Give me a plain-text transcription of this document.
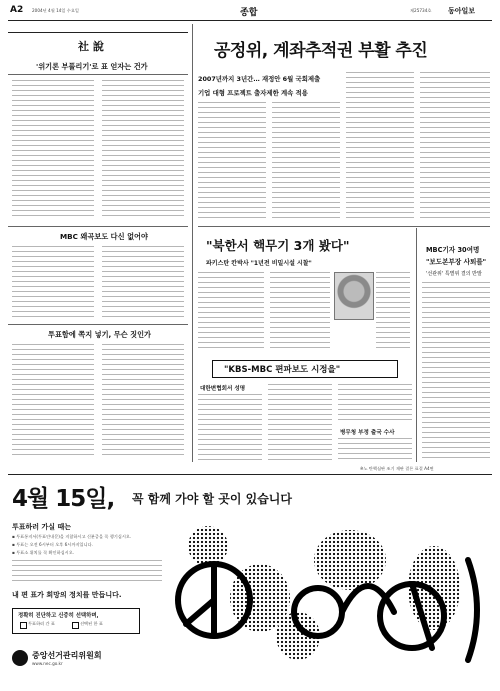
A2 2004년 4월 14일 수요일	종합	제25734호 동아일보
社 說
'위기론 부풀리기'로 표 얻자는 건가
MBC 왜곡보도 다신 없어야
투표함에 쪽지 넣기, 무슨 짓인가
공정위, 계좌추적권 부활 추진
2007년까지 3년간… 재정안 6월 국회제출
기업 대형 프로젝트 출자제한 계속 적용
"북한서 핵무기 3개 봤다"
파키스탄 칸박사 "1년전 비밀시설 시찰"
"KBS-MBC 편파보도 시정을"
대한변협회서 성명
병무청 부정 출국 수사
MBC기자 30여명
"보도본부장 사퇴를"
'선관위' 특별위 결의 반발
※노 탄핵심판 조기 재판 결론 표결 A4면
4월 15일, 꼭 함께 가야 할 곳이 있습니다
투표하러 가실 때는
▪ 투표통지서(투표안내문)을 지참하시고 신분증을 꼭 챙기십시오.
▪ 투표는 오전 6시부터 오후 6시까지입니다.
▪ 투표소 위치를 꼭 확인하십시오.
내 편 표가 희망의 정치를 만듭니다.
정확히 진단하고 신중히 선택하며,
투표하러 간 표	선택된 한 표
중앙선거관리위원회
www.nec.go.kr
